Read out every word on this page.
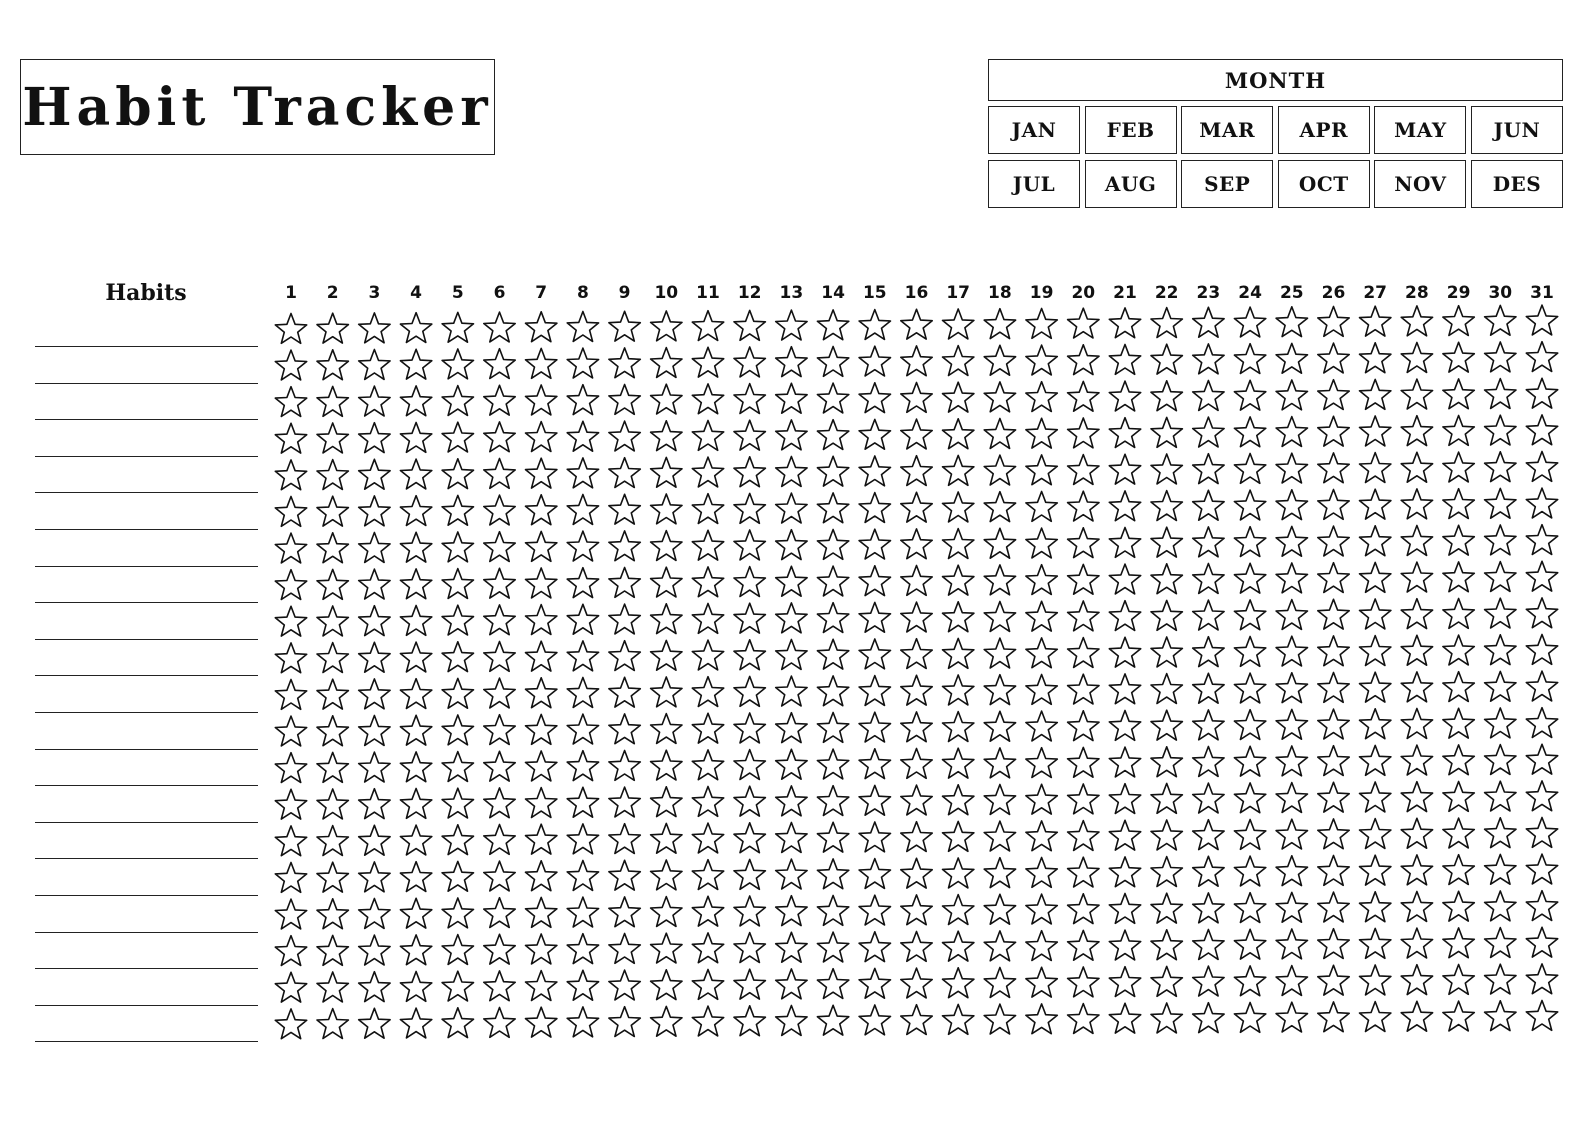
Habit Tracker	MONTH
JAN	FEB	MAR	APR	MAY	JUN
JUL	AUG	SEP	OCT	NOV	DES
Habits	1	2	3	4	5	6	7	8	9	10 11 12 13 14 15 16 17 18 19 20 21 22 23 24 25 26 27 28 29 30 31
